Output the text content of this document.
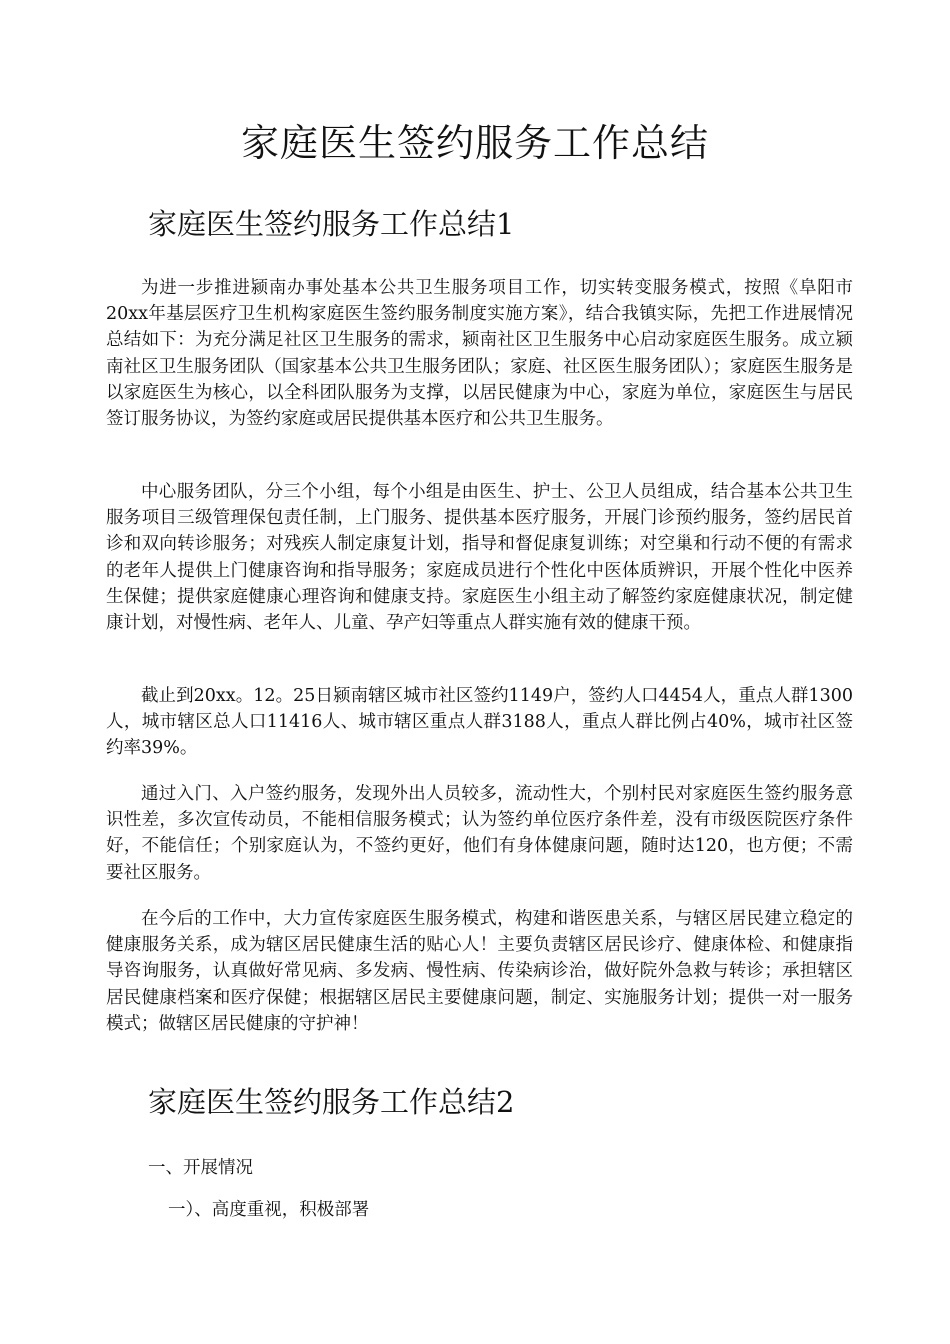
家庭医生签约服务工作总结
家庭医生签约服务工作总结1

为进一步推进颍南办事处基本公共卫生服务项目工作，切实转变服务模式，按照《阜阳市20xx年基层医疗卫生机构家庭医生签约服务制度实施方案》，结合我镇实际，先把工作进展情况总结如下：为充分满足社区卫生服务的需求，颍南社区卫生服务中心启动家庭医生服务。成立颍南社区卫生服务团队（国家基本公共卫生服务团队；家庭、社区医生服务团队）；家庭医生服务是以家庭医生为核心，以全科团队服务为支撑，以居民健康为中心，家庭为单位，家庭医生与居民签订服务协议，为签约家庭或居民提供基本医疗和公共卫生服务。

中心服务团队，分三个小组，每个小组是由医生、护士、公卫人员组成，结合基本公共卫生服务项目三级管理保包责任制，上门服务、提供基本医疗服务，开展门诊预约服务，签约居民首诊和双向转诊服务；对残疾人制定康复计划，指导和督促康复训练；对空巢和行动不便的有需求的老年人提供上门健康咨询和指导服务；家庭成员进行个性化中医体质辨识，开展个性化中医养生保健；提供家庭健康心理咨询和健康支持。家庭医生小组主动了解签约家庭健康状况，制定健康计划，对慢性病、老年人、儿童、孕产妇等重点人群实施有效的健康干预。

截止到20xx。12。25日颍南辖区城市社区签约1149户，签约人口4454人，重点人群1300人，城市辖区总人口11416人、城市辖区重点人群3188人，重点人群比例占40%，城市社区签约率39%。

通过入门、入户签约服务，发现外出人员较多，流动性大，个别村民对家庭医生签约服务意识性差，多次宣传动员，不能相信服务模式；认为签约单位医疗条件差，没有市级医院医疗条件好，不能信任；个别家庭认为，不签约更好，他们有身体健康问题，随时达120，也方便；不需要社区服务。

在今后的工作中，大力宣传家庭医生服务模式，构建和谐医患关系，与辖区居民建立稳定的健康服务关系，成为辖区居民健康生活的贴心人！主要负责辖区居民诊疗、健康体检、和健康指导咨询服务，认真做好常见病、多发病、慢性病、传染病诊治，做好院外急救与转诊；承担辖区居民健康档案和医疗保健；根据辖区居民主要健康问题，制定、实施服务计划；提供一对一服务模式；做辖区居民健康的守护神！

家庭医生签约服务工作总结2

一、开展情况

一）、高度重视，积极部署
